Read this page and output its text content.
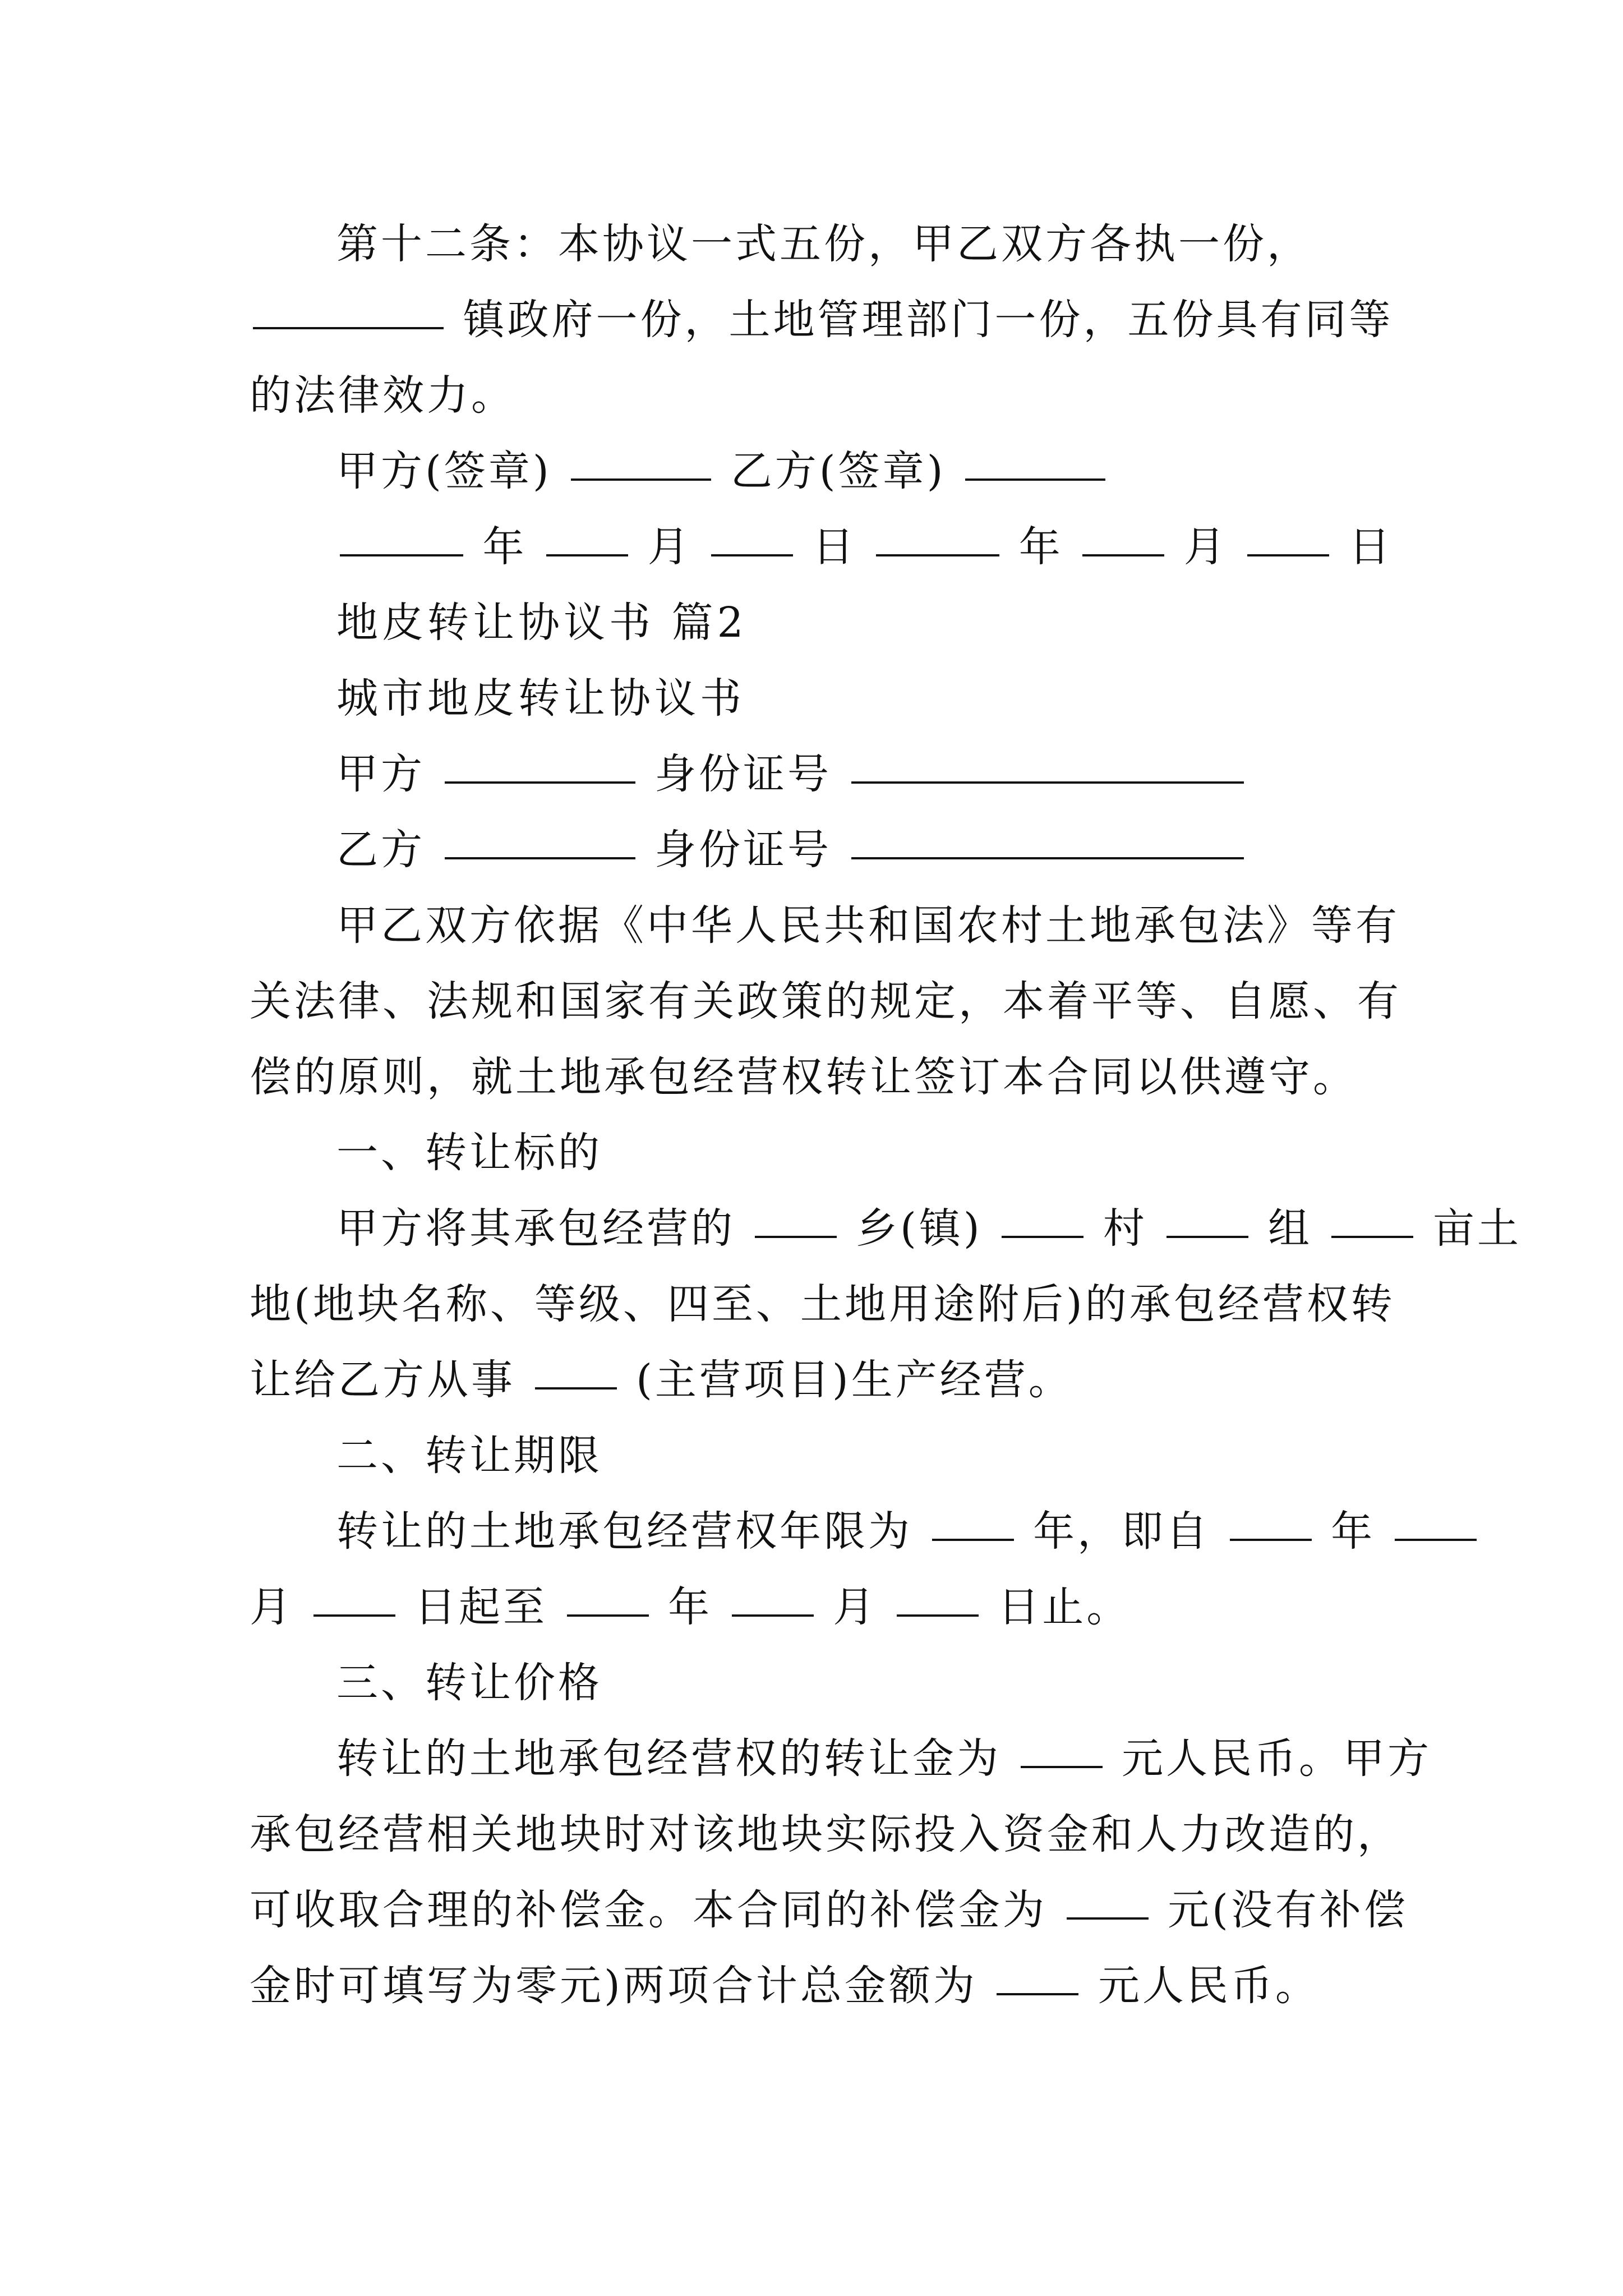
第十二条：本协议一式五份，甲乙双方各执一份，
镇政府一份，土地管理部门一份，五份具有同等
的法律效力。
甲方(签章)	乙方(签章)
年	月	日	年	月	日
地皮转让协议书 篇2
城市地皮转让协议书
甲方	身份证号
乙方	身份证号
甲乙双方依据《中华人民共和国农村土地承包法》等有
关法律、法规和国家有关政策的规定，本着平等、自愿、有
偿的原则，就土地承包经营权转让签订本合同以供遵守。
一、转让标的
甲方将其承包经营的	乡(镇)	村	组	亩土
地(地块名称、等级、四至、土地用途附后)的承包经营权转
让给乙方从事	(主营项目)生产经营。
二、转让期限
转让的土地承包经营权年限为	年，即自	年
月	日起至	年	月	日止。
三、转让价格
转让的土地承包经营权的转让金为	元人民币。甲方
承包经营相关地块时对该地块实际投入资金和人力改造的，
可收取合理的补偿金。本合同的补偿金为	元(没有补偿
金时可填写为零元)两项合计总金额为	元人民币。
